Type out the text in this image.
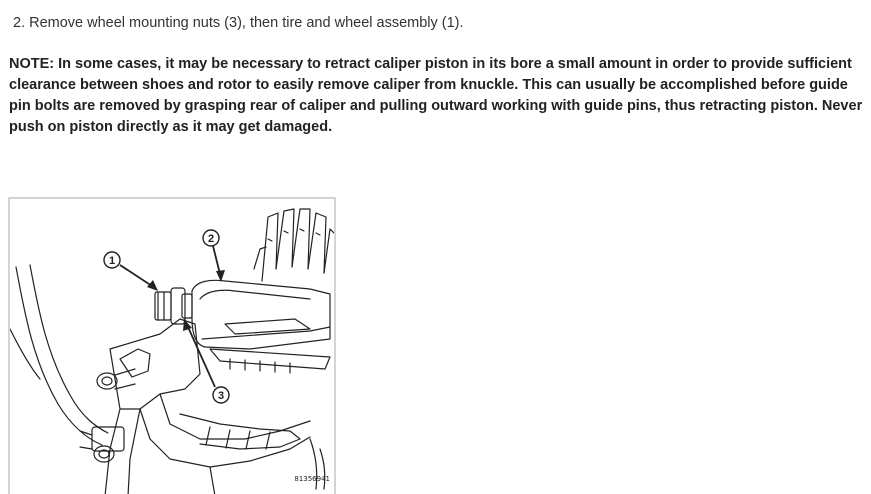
2. Remove wheel mounting nuts (3), then tire and wheel assembly (1).
NOTE: In some cases, it may be necessary to retract caliper piston in its bore a small amount in order to provide sufficient clearance between shoes and rotor to easily remove caliper from knuckle. This can usually be accomplished before guide pin bolts are removed by grasping rear of caliper and pulling outward working with guide pins, thus retracting piston. Never push on piston directly as it may get damaged.
1
2
3
81356941
